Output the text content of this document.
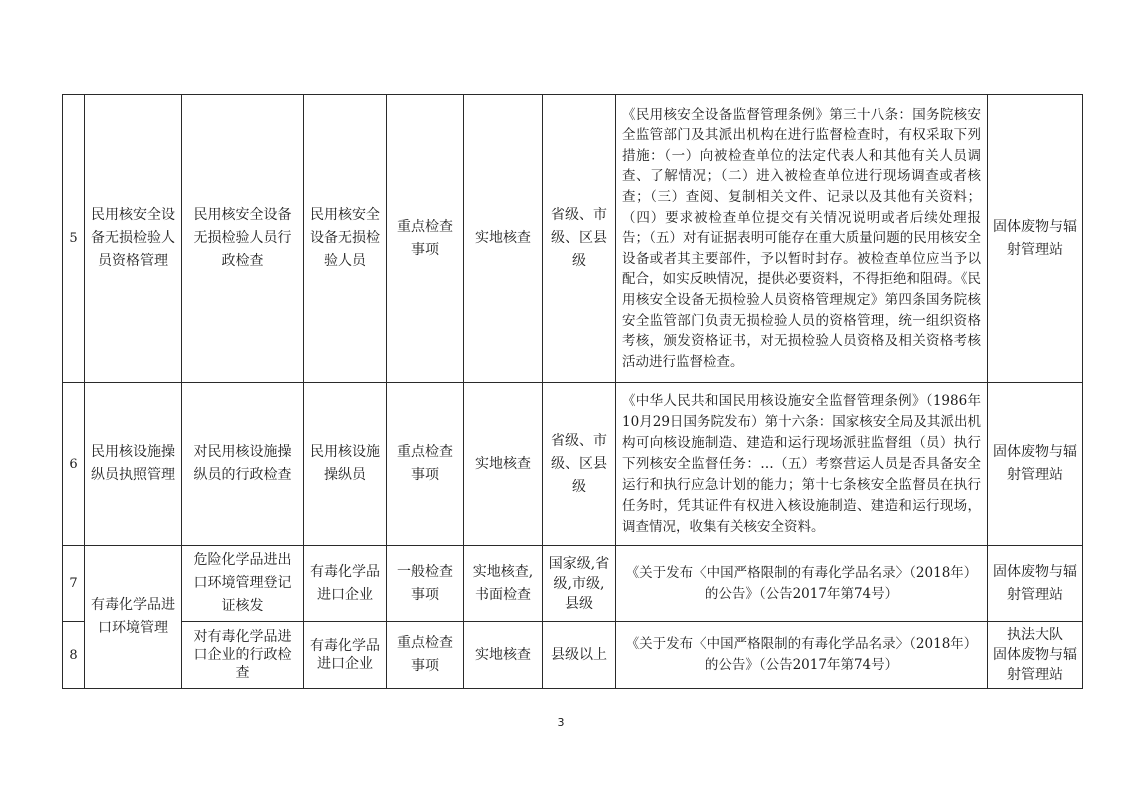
5	民用核安全设备无损检验人员资格管理	民用核安全设备无损检验人员行政检查	民用核安全设备无损检验人员	重点检查事项	实地核查	省级、市级、区县级	《民用核安全设备监督管理条例》第三十八条：国务院核安全监管部门及其派出机构在进行监督检查时，有权采取下列措施：（一）向被检查单位的法定代表人和其他有关人员调查、了解情况；（二）进入被检查单位进行现场调查或者核查；（三）查阅、复制相关文件、记录以及其他有关资料；（四）要求被检查单位提交有关情况说明或者后续处理报告；（五）对有证据表明可能存在重大质量问题的民用核安全设备或者其主要部件，予以暂时封存。被检查单位应当予以配合，如实反映情况，提供必要资料，不得拒绝和阻碍。《民用核安全设备无损检验人员资格管理规定》第四条国务院核安全监管部门负责无损检验人员的资格管理，统一组织资格考核，颁发资格证书，对无损检验人员资格及相关资格考核活动进行监督检查。	固体废物与辐射管理站
6	民用核设施操纵员执照管理	对民用核设施操纵员的行政检查	民用核设施操纵员	重点检查事项	实地核查	省级、市级、区县级	《中华人民共和国民用核设施安全监督管理条例》（1986年10月29日国务院发布）第十六条：国家核安全局及其派出机构可向核设施制造、建造和运行现场派驻监督组（员）执行下列核安全监督任务：…（五）考察营运人员是否具备安全运行和执行应急计划的能力；第十七条核安全监督员在执行任务时，凭其证件有权进入核设施制造、建造和运行现场，调查情况，收集有关核安全资料。	固体废物与辐射管理站
7	有毒化学品进口环境管理	危险化学品进出口环境管理登记证核发	有毒化学品进口企业	一般检查事项	实地核查,书面检查	国家级,省级,市级,县级	《关于发布〈中国严格限制的有毒化学品名录〉（2018年）的公告》（公告2017年第74号）	固体废物与辐射管理站
8		对有毒化学品进口企业的行政检查	有毒化学品进口企业	重点检查事项	实地核查	县级以上	《关于发布〈中国严格限制的有毒化学品名录〉（2018年）的公告》（公告2017年第74号）	执法大队
固体废物与辐射管理站
3
